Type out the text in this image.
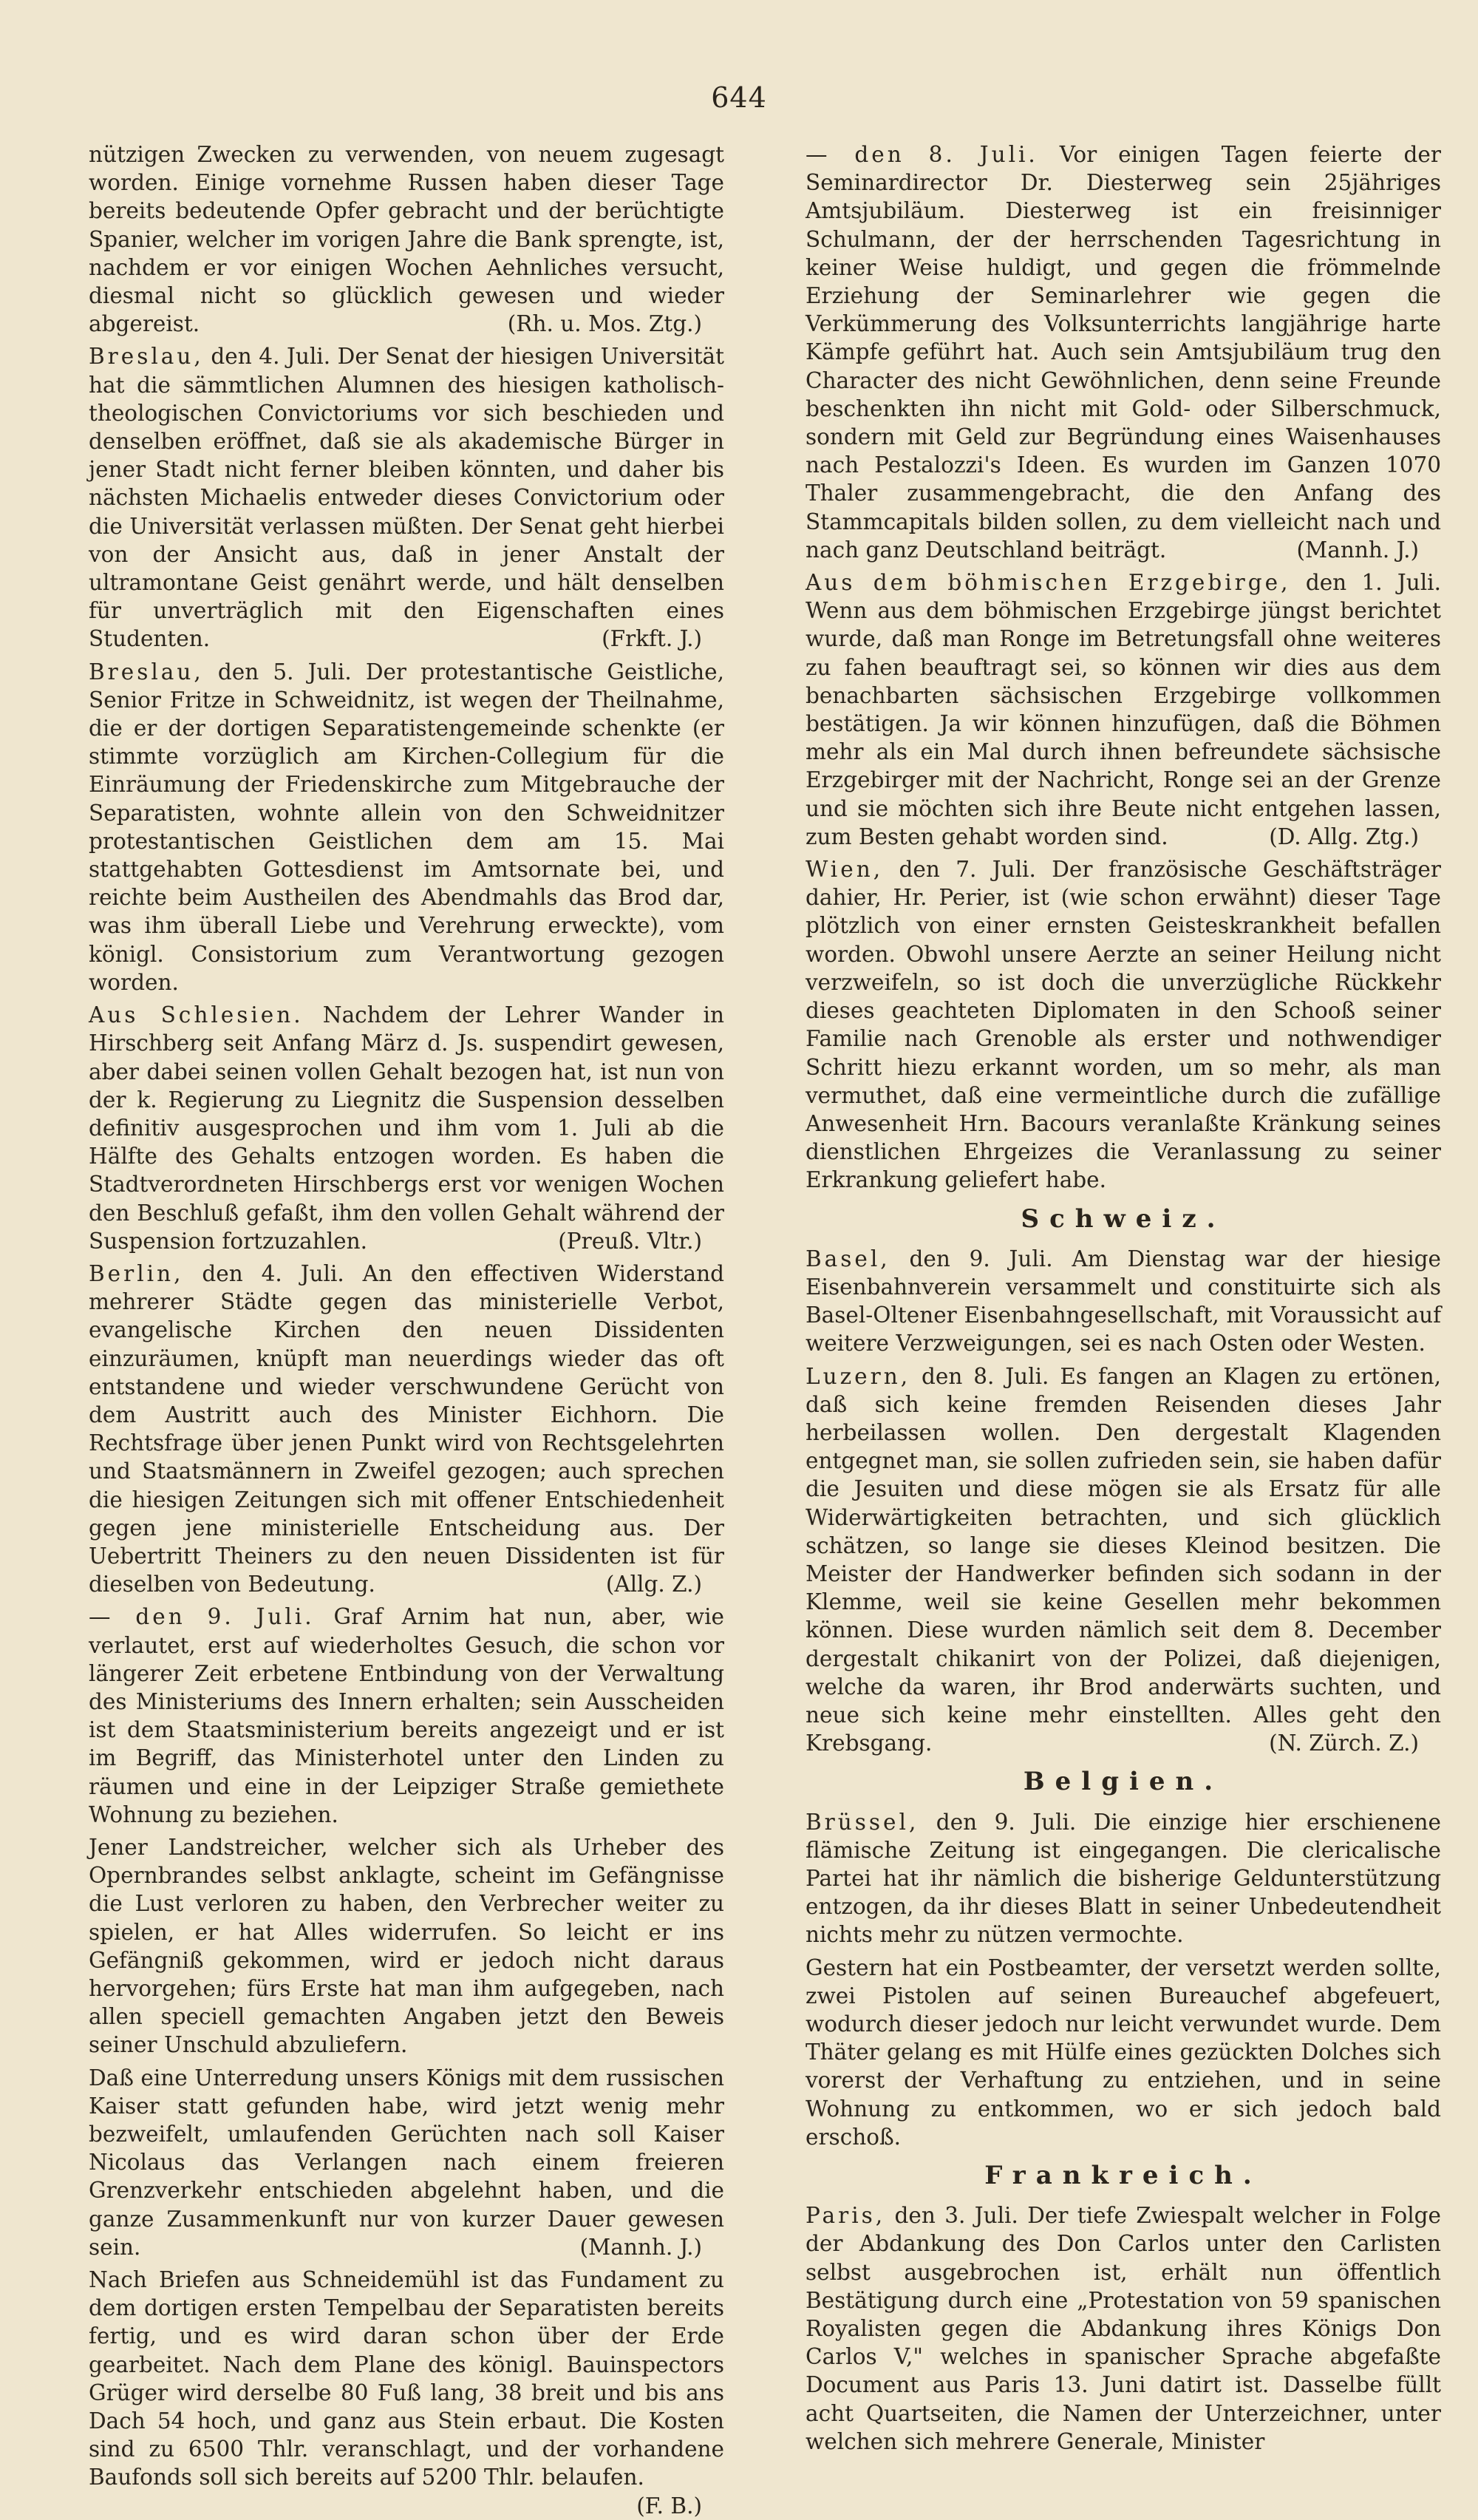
644

nützigen Zwecken zu verwenden, von neuem zugesagt worden. Einige vornehme Russen haben dieser Tage bereits bedeutende Opfer gebracht und der berüchtigte Spanier, welcher im vorigen Jahre die Bank sprengte, ist, nachdem er vor einigen Wochen Aehnliches versucht, diesmal nicht so glücklich gewesen und wieder abgereist.	(Rh. u. Mos. Ztg.)

Breslau, den 4. Juli. Der Senat der hiesigen Universität hat die sämmtlichen Alumnen des hiesigen katholisch-theologischen Convictoriums vor sich beschieden und denselben eröffnet, daß sie als akademische Bürger in jener Stadt nicht ferner bleiben könnten, und daher bis nächsten Michaelis entweder dieses Convictorium oder die Universität verlassen müßten. Der Senat geht hierbei von der Ansicht aus, daß in jener Anstalt der ultramontane Geist genährt werde, und hält denselben für unverträglich mit den Eigenschaften eines Studenten.	(Frkft. J.)

Breslau, den 5. Juli. Der protestantische Geistliche, Senior Fritze in Schweidnitz, ist wegen der Theilnahme, die er der dortigen Separatistengemeinde schenkte (er stimmte vorzüglich am Kirchen-Collegium für die Einräumung der Friedenskirche zum Mitgebrauche der Separatisten, wohnte allein von den Schweidnitzer protestantischen Geistlichen dem am 15. Mai stattgehabten Gottesdienst im Amtsornate bei, und reichte beim Austheilen des Abendmahls das Brod dar, was ihm überall Liebe und Verehrung erweckte), vom königl. Consistorium zum Verantwortung gezogen worden.

Aus Schlesien. Nachdem der Lehrer Wander in Hirschberg seit Anfang März d. Js. suspendirt gewesen, aber dabei seinen vollen Gehalt bezogen hat, ist nun von der k. Regierung zu Liegnitz die Suspension desselben definitiv ausgesprochen und ihm vom 1. Juli ab die Hälfte des Gehalts entzogen worden. Es haben die Stadtverordneten Hirschbergs erst vor wenigen Wochen den Beschluß gefaßt, ihm den vollen Gehalt während der Suspension fortzuzahlen.	(Preuß. Vltr.)

Berlin, den 4. Juli. An den effectiven Widerstand mehrerer Städte gegen das ministerielle Verbot, evangelische Kirchen den neuen Dissidenten einzuräumen, knüpft man neuerdings wieder das oft entstandene und wieder verschwundene Gerücht von dem Austritt auch des Minister Eichhorn. Die Rechtsfrage über jenen Punkt wird von Rechtsgelehrten und Staatsmännern in Zweifel gezogen; auch sprechen die hiesigen Zeitungen sich mit offener Entschiedenheit gegen jene ministerielle Entscheidung aus. Der Uebertritt Theiners zu den neuen Dissidenten ist für dieselben von Bedeutung.	(Allg. Z.)

— den 9. Juli. Graf Arnim hat nun, aber, wie verlautet, erst auf wiederholtes Gesuch, die schon vor längerer Zeit erbetene Entbindung von der Verwaltung des Ministeriums des Innern erhalten; sein Ausscheiden ist dem Staatsministerium bereits angezeigt und er ist im Begriff, das Ministerhotel unter den Linden zu räumen und eine in der Leipziger Straße gemiethete Wohnung zu beziehen.

Jener Landstreicher, welcher sich als Urheber des Opernbrandes selbst anklagte, scheint im Gefängnisse die Lust verloren zu haben, den Verbrecher weiter zu spielen, er hat Alles widerrufen. So leicht er ins Gefängniß gekommen, wird er jedoch nicht daraus hervorgehen; fürs Erste hat man ihm aufgegeben, nach allen speciell gemachten Angaben jetzt den Beweis seiner Unschuld abzuliefern.

Daß eine Unterredung unsers Königs mit dem russischen Kaiser statt gefunden habe, wird jetzt wenig mehr bezweifelt, umlaufenden Gerüchten nach soll Kaiser Nicolaus das Verlangen nach einem freieren Grenzverkehr entschieden abgelehnt haben, und die ganze Zusammenkunft nur von kurzer Dauer gewesen sein.	(Mannh. J.)

Nach Briefen aus Schneidemühl ist das Fundament zu dem dortigen ersten Tempelbau der Separatisten bereits fertig, und es wird daran schon über der Erde gearbeitet. Nach dem Plane des königl. Bauinspectors Grüger wird derselbe 80 Fuß lang, 38 breit und bis ans Dach 54 hoch, und ganz aus Stein erbaut. Die Kosten sind zu 6500 Thlr. veranschlagt, und der vorhandene Baufonds soll sich bereits auf 5200 Thlr. belaufen.
(F. B.)

— den 8. Juli. Vor einigen Tagen feierte der Seminardirector Dr. Diesterweg sein 25jähriges Amtsjubiläum. Diesterweg ist ein freisinniger Schulmann, der der herrschenden Tagesrichtung in keiner Weise huldigt, und gegen die frömmelnde Erziehung der Seminarlehrer wie gegen die Verkümmerung des Volksunterrichts langjährige harte Kämpfe geführt hat. Auch sein Amtsjubiläum trug den Character des nicht Gewöhnlichen, denn seine Freunde beschenkten ihn nicht mit Gold- oder Silberschmuck, sondern mit Geld zur Begründung eines Waisenhauses nach Pestalozzi's Ideen. Es wurden im Ganzen 1070 Thaler zusammengebracht, die den Anfang des Stammcapitals bilden sollen, zu dem vielleicht nach und nach ganz Deutschland beiträgt.	(Mannh. J.)

Aus dem böhmischen Erzgebirge, den 1. Juli. Wenn aus dem böhmischen Erzgebirge jüngst berichtet wurde, daß man Ronge im Betretungsfall ohne weiteres zu fahen beauftragt sei, so können wir dies aus dem benachbarten sächsischen Erzgebirge vollkommen bestätigen. Ja wir können hinzufügen, daß die Böhmen mehr als ein Mal durch ihnen befreundete sächsische Erzgebirger mit der Nachricht, Ronge sei an der Grenze und sie möchten sich ihre Beute nicht entgehen lassen, zum Besten gehabt worden sind.	(D. Allg. Ztg.)

Wien, den 7. Juli. Der französische Geschäftsträger dahier, Hr. Perier, ist (wie schon erwähnt) dieser Tage plötzlich von einer ernsten Geisteskrankheit befallen worden. Obwohl unsere Aerzte an seiner Heilung nicht verzweifeln, so ist doch die unverzügliche Rückkehr dieses geachteten Diplomaten in den Schooß seiner Familie nach Grenoble als erster und nothwendiger Schritt hiezu erkannt worden, um so mehr, als man vermuthet, daß eine vermeintliche durch die zufällige Anwesenheit Hrn. Bacours veranlaßte Kränkung seines dienstlichen Ehrgeizes die Veranlassung zu seiner Erkrankung geliefert habe.

Schweiz.

Basel, den 9. Juli. Am Dienstag war der hiesige Eisenbahnverein versammelt und constituirte sich als Basel-Oltener Eisenbahngesellschaft, mit Voraussicht auf weitere Verzweigungen, sei es nach Osten oder Westen.

Luzern, den 8. Juli. Es fangen an Klagen zu ertönen, daß sich keine fremden Reisenden dieses Jahr herbeilassen wollen. Den dergestalt Klagenden entgegnet man, sie sollen zufrieden sein, sie haben dafür die Jesuiten und diese mögen sie als Ersatz für alle Widerwärtigkeiten betrachten, und sich glücklich schätzen, so lange sie dieses Kleinod besitzen. Die Meister der Handwerker befinden sich sodann in der Klemme, weil sie keine Gesellen mehr bekommen können. Diese wurden nämlich seit dem 8. December dergestalt chikanirt von der Polizei, daß diejenigen, welche da waren, ihr Brod anderwärts suchten, und neue sich keine mehr einstellten. Alles geht den Krebsgang.	(N. Zürch. Z.)

Belgien.

Brüssel, den 9. Juli. Die einzige hier erschienene flämische Zeitung ist eingegangen. Die clericalische Partei hat ihr nämlich die bisherige Geldunterstützung entzogen, da ihr dieses Blatt in seiner Unbedeutendheit nichts mehr zu nützen vermochte.

Gestern hat ein Postbeamter, der versetzt werden sollte, zwei Pistolen auf seinen Bureauchef abgefeuert, wodurch dieser jedoch nur leicht verwundet wurde. Dem Thäter gelang es mit Hülfe eines gezückten Dolches sich vorerst der Verhaftung zu entziehen, und in seine Wohnung zu entkommen, wo er sich jedoch bald erschoß.

Frankreich.

Paris, den 3. Juli. Der tiefe Zwiespalt welcher in Folge der Abdankung des Don Carlos unter den Carlisten selbst ausgebrochen ist, erhält nun öffentlich Bestätigung durch eine „Protestation von 59 spanischen Royalisten gegen die Abdankung ihres Königs Don Carlos V," welches in spanischer Sprache abgefaßte Document aus Paris 13. Juni datirt ist. Dasselbe füllt acht Quartseiten, die Namen der Unterzeichner, unter welchen sich mehrere Generale, Minister
